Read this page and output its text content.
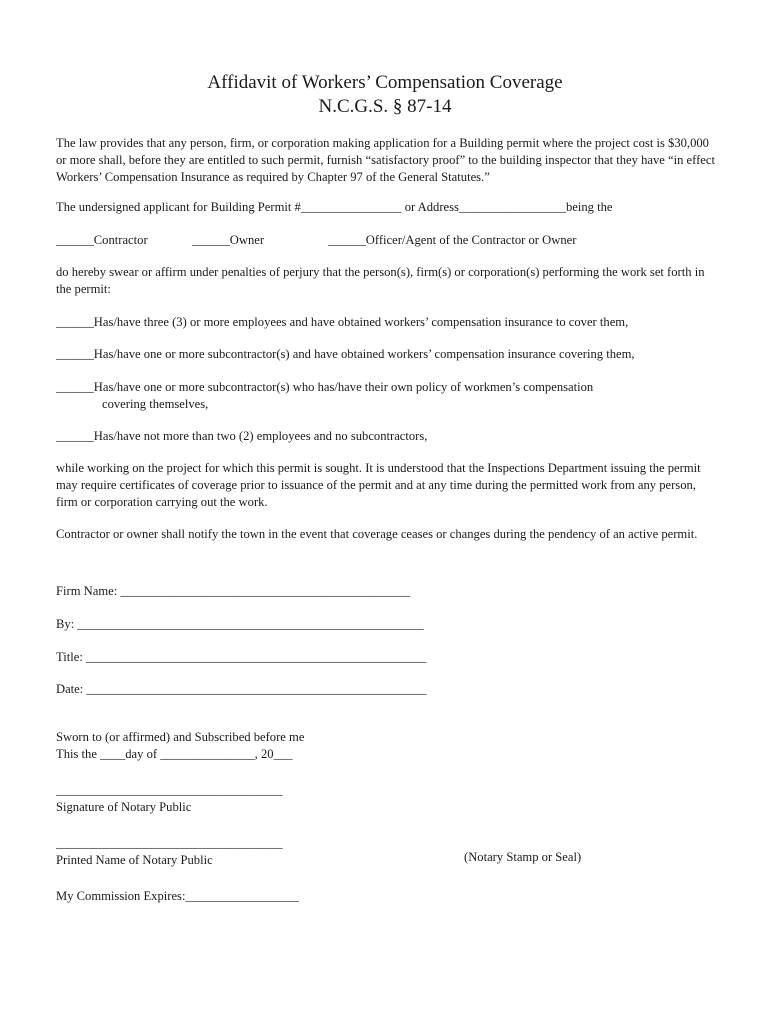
Affidavit of Workers’ Compensation Coverage
N.C.G.S. § 87-14
The law provides that any person, firm, or corporation making application for a Building permit where the project cost is $30,000 or more shall, before they are entitled to such permit, furnish “satisfactory proof” to the building inspector that they have “in effect Workers’ Compensation Insurance as required by Chapter 97 of the General Statutes.”
The undersigned applicant for Building Permit #________________ or Address_________________being the
______Contractor	______Owner	______Officer/Agent of the Contractor or Owner
do hereby swear or affirm under penalties of perjury that the person(s), firm(s) or corporation(s) performing the work set forth in the permit:
______Has/have three (3) or more employees and have obtained workers’ compensation insurance to cover them,
______Has/have one or more subcontractor(s) and have obtained workers’ compensation insurance covering them,
______Has/have one or more subcontractor(s) who has/have their own policy of workmen’s compensation
covering themselves,
______Has/have not more than two (2) employees and no subcontractors,
while working on the project for which this permit is sought. It is understood that the Inspections Department issuing the permit may require certificates of coverage prior to issuance of the permit and at any time during the permitted work from any person, firm or corporation carrying out the work.
Contractor or owner shall notify the town in the event that coverage ceases or changes during the pendency of an active permit.
Firm Name: ______________________________________________
By: _______________________________________________________
Title: ______________________________________________________
Date: ______________________________________________________
Sworn to (or affirmed) and Subscribed before me
This the ____day of _______________, 20___
____________________________________
Signature of Notary Public
____________________________________
Printed Name of Notary Public	(Notary Stamp or Seal)
My Commission Expires:__________________
